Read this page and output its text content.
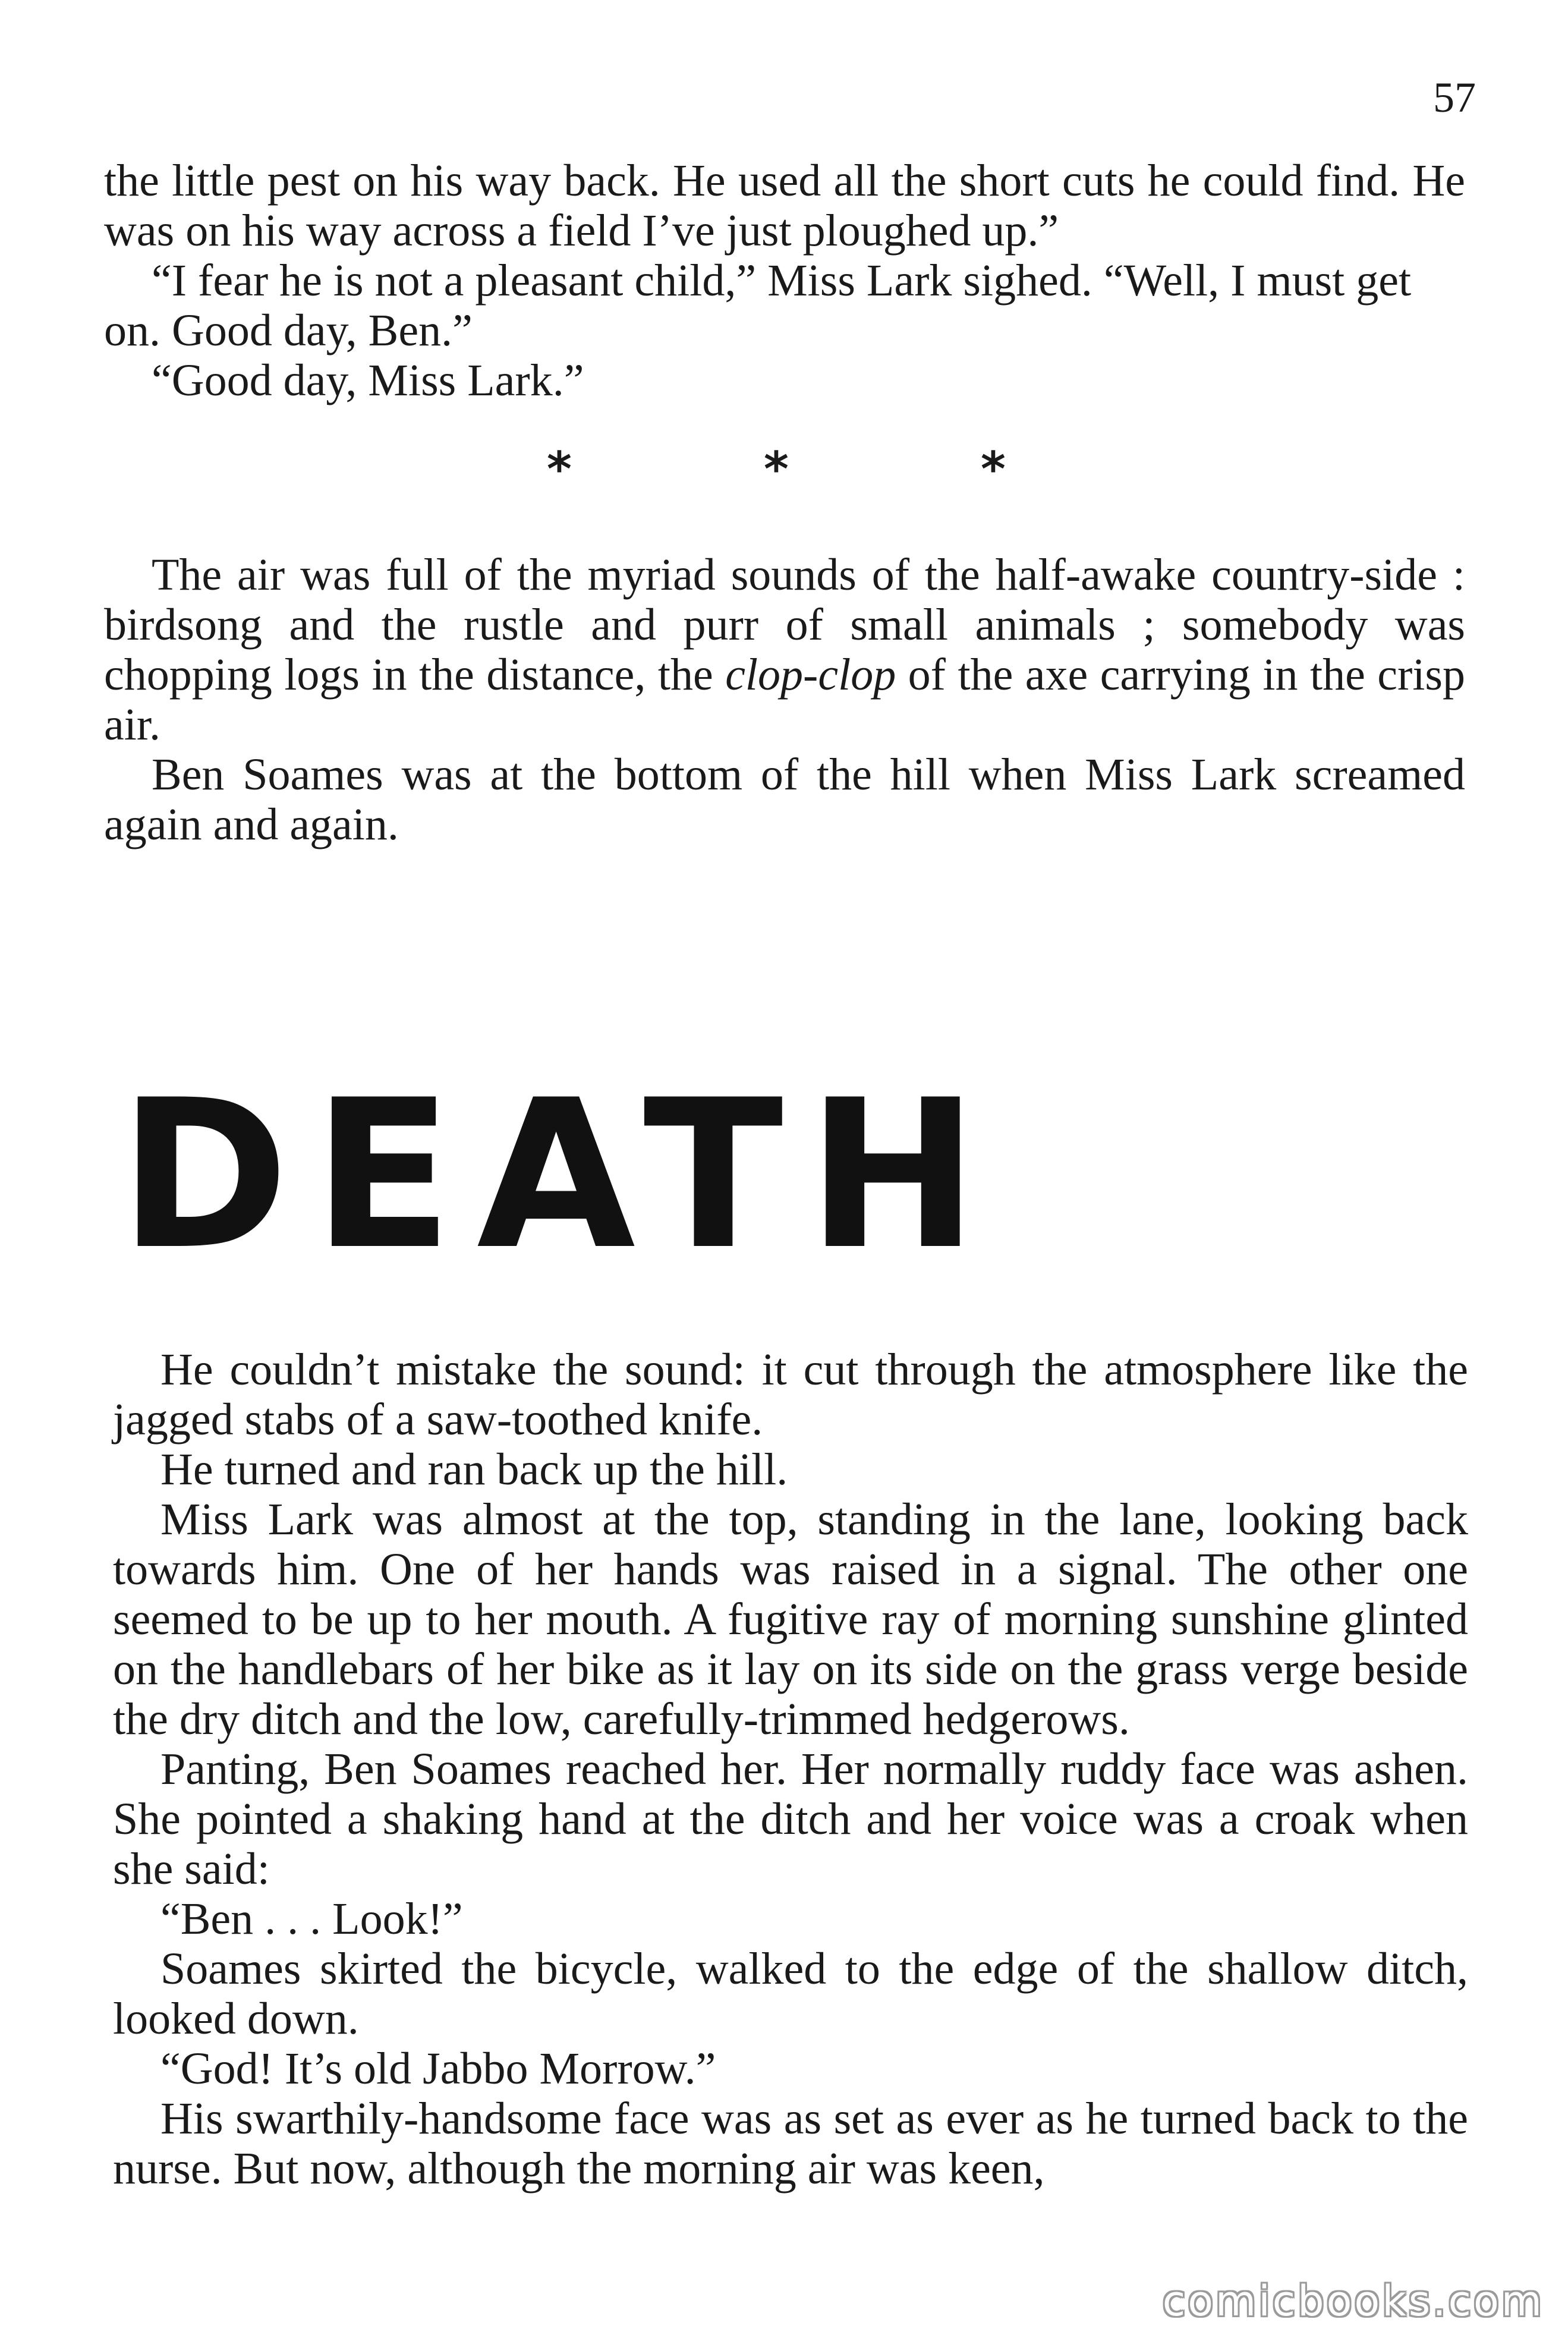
57

the little pest on his way back. He used all the short cuts he could find. He was on his way across a field I’ve just ploughed up.”

“I fear he is not a pleasant child,” Miss Lark sighed. “Well, I must get on. Good day, Ben.”

“Good day, Miss Lark.”

*	*	*

The air was full of the myriad sounds of the half-awake country-side : birdsong and the rustle and purr of small animals ; somebody was chopping logs in the distance, the clop-clop of the axe carrying in the crisp air.

Ben Soames was at the bottom of the hill when Miss Lark screamed again and again.

DEATH

He couldn’t mistake the sound: it cut through the atmosphere like the jagged stabs of a saw-toothed knife.

He turned and ran back up the hill.

Miss Lark was almost at the top, standing in the lane, looking back towards him. One of her hands was raised in a signal. The other one seemed to be up to her mouth. A fugitive ray of morning sunshine glinted on the handlebars of her bike as it lay on its side on the grass verge beside the dry ditch and the low, carefully-trimmed hedgerows.

Panting, Ben Soames reached her. Her normally ruddy face was ashen. She pointed a shaking hand at the ditch and her voice was a croak when she said:

“Ben . . . Look!”

Soames skirted the bicycle, walked to the edge of the shallow ditch, looked down.

“God! It’s old Jabbo Morrow.”

His swarthily-handsome face was as set as ever as he turned back to the nurse. But now, although the morning air was keen,

comicbooks.com
